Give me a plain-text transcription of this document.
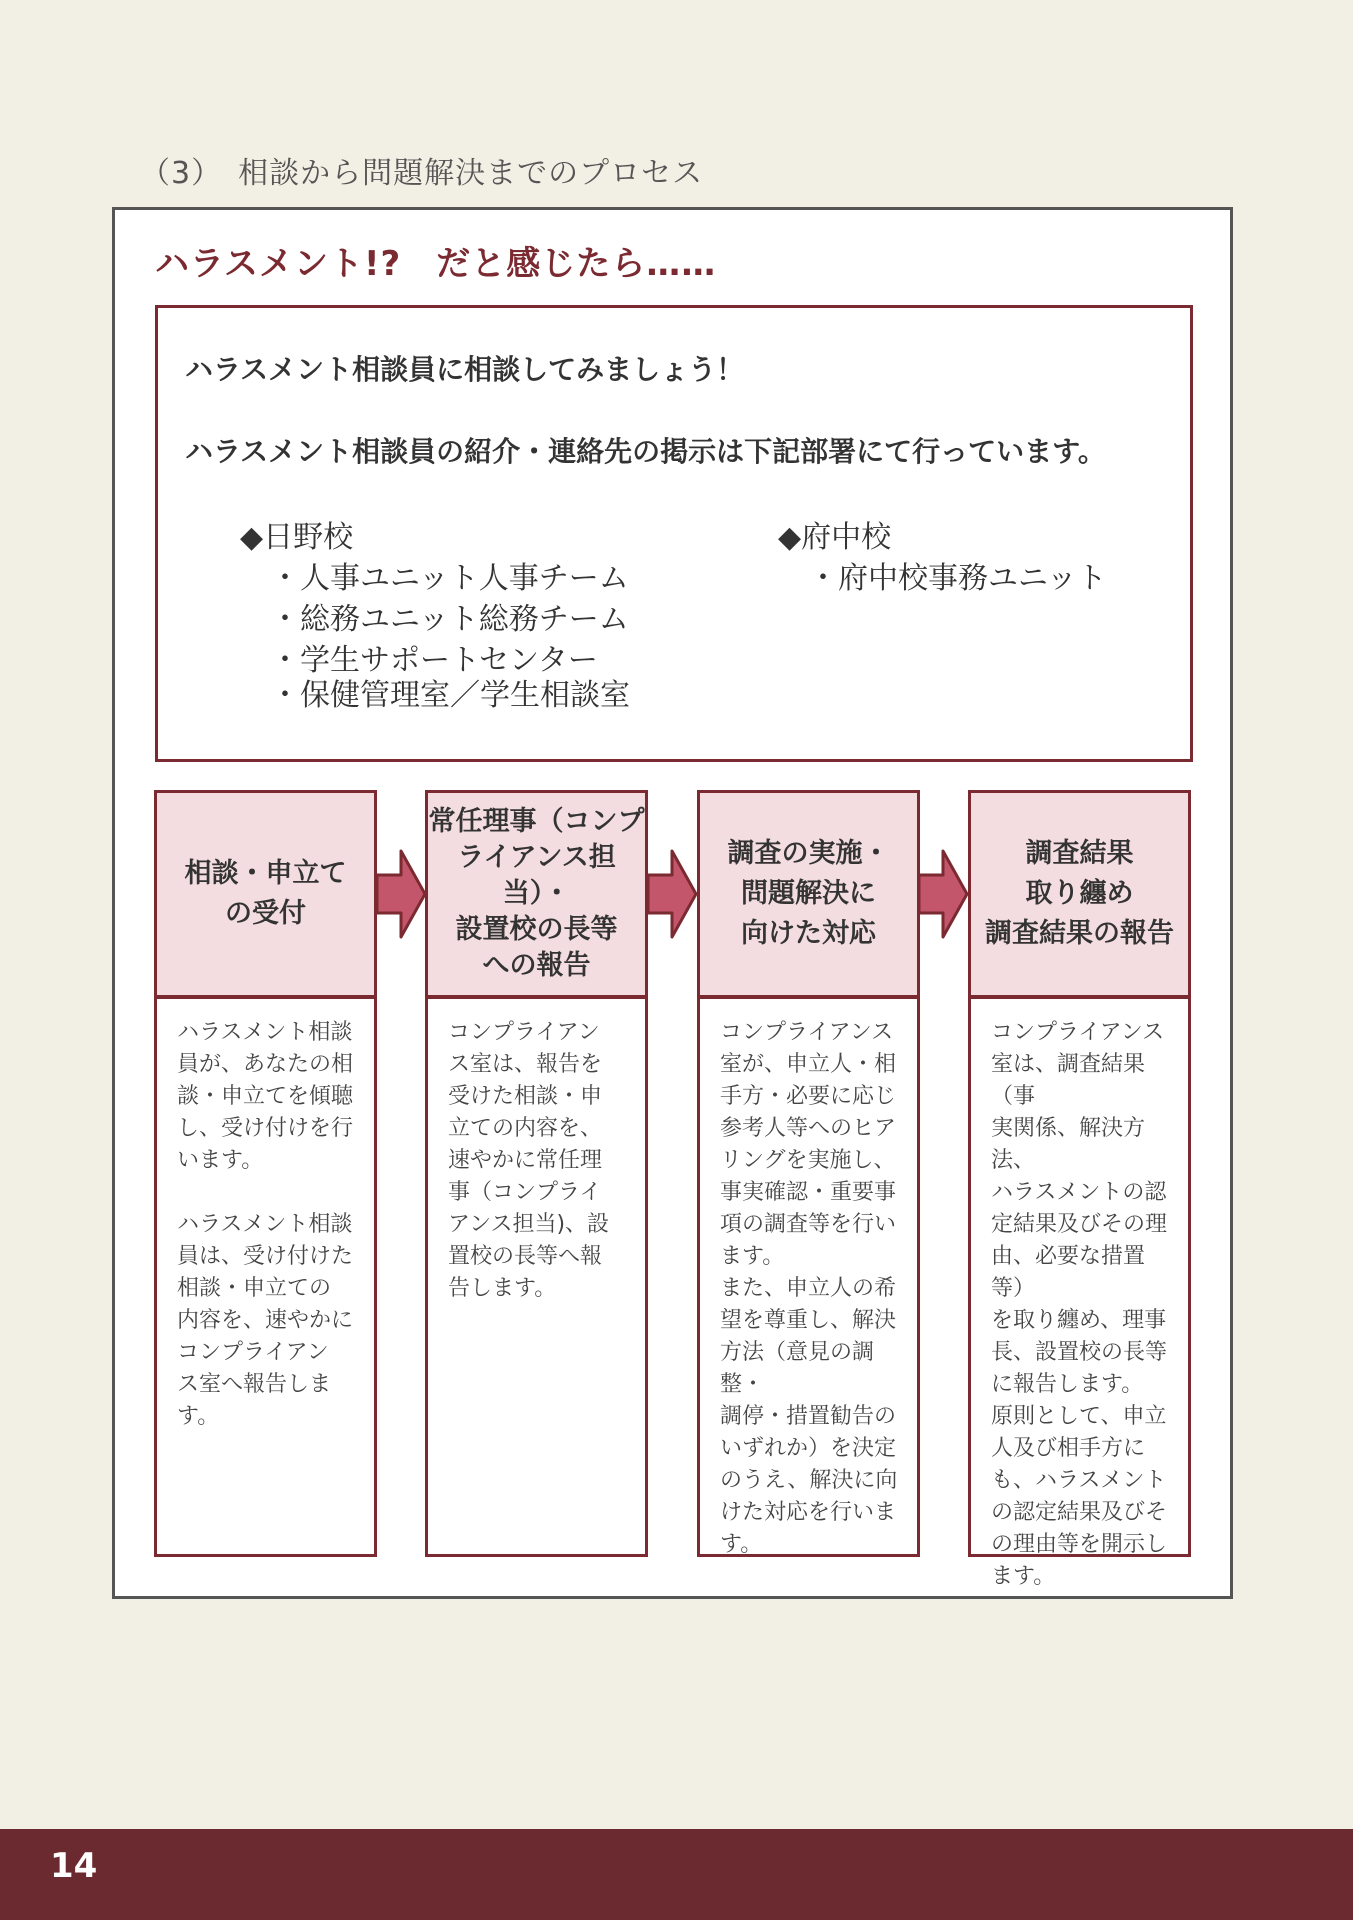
（3）　相談から問題解決までのプロセス
ハラスメント!?　だと感じたら……
ハラスメント相談員に相談してみましょう！
ハラスメント相談員の紹介・連絡先の掲示は下記部署にて行っています。
◆日野校
・人事ユニット人事チーム
・総務ユニット総務チーム
・学生サポートセンター
・保健管理室／学生相談室
◆府中校
・府中校事務ユニット
相談・申立て
の受付
ハラスメント相談
員が、あなたの相
談・申立てを傾聴
し、受け付けを行
います。

ハラスメント相談
員は、受け付けた
相談・申立ての
内容を、速やかに
コンプライアン
ス室へ報告しま
す。
常任理事（コンプ
ライアンス担当）・
設置校の長等
への報告
コンプライアン
ス室は、報告を
受けた相談・申
立ての内容を、
速やかに常任理
事（コンプライ
アンス担当)、設
置校の長等へ報
告します。
調査の実施・
問題解決に
向けた対応
コンプライアンス
室が、申立人・相
手方・必要に応じ
参考人等へのヒア
リングを実施し、
事実確認・重要事
項の調査等を行い
ます。
また、申立人の希
望を尊重し、解決
方法（意見の調整・
調停・措置勧告の
いずれか）を決定
のうえ、解決に向
けた対応を行いま
す。
調査結果
取り纏め
調査結果の報告
コンプライアンス
室は、調査結果（事
実関係、解決方法、
ハラスメントの認
定結果及びその理
由、必要な措置等）
を取り纏め、理事
長、設置校の長等
に報告します。
原則として、申立
人及び相手方に
も、ハラスメント
の認定結果及びそ
の理由等を開示し
ます。
14
